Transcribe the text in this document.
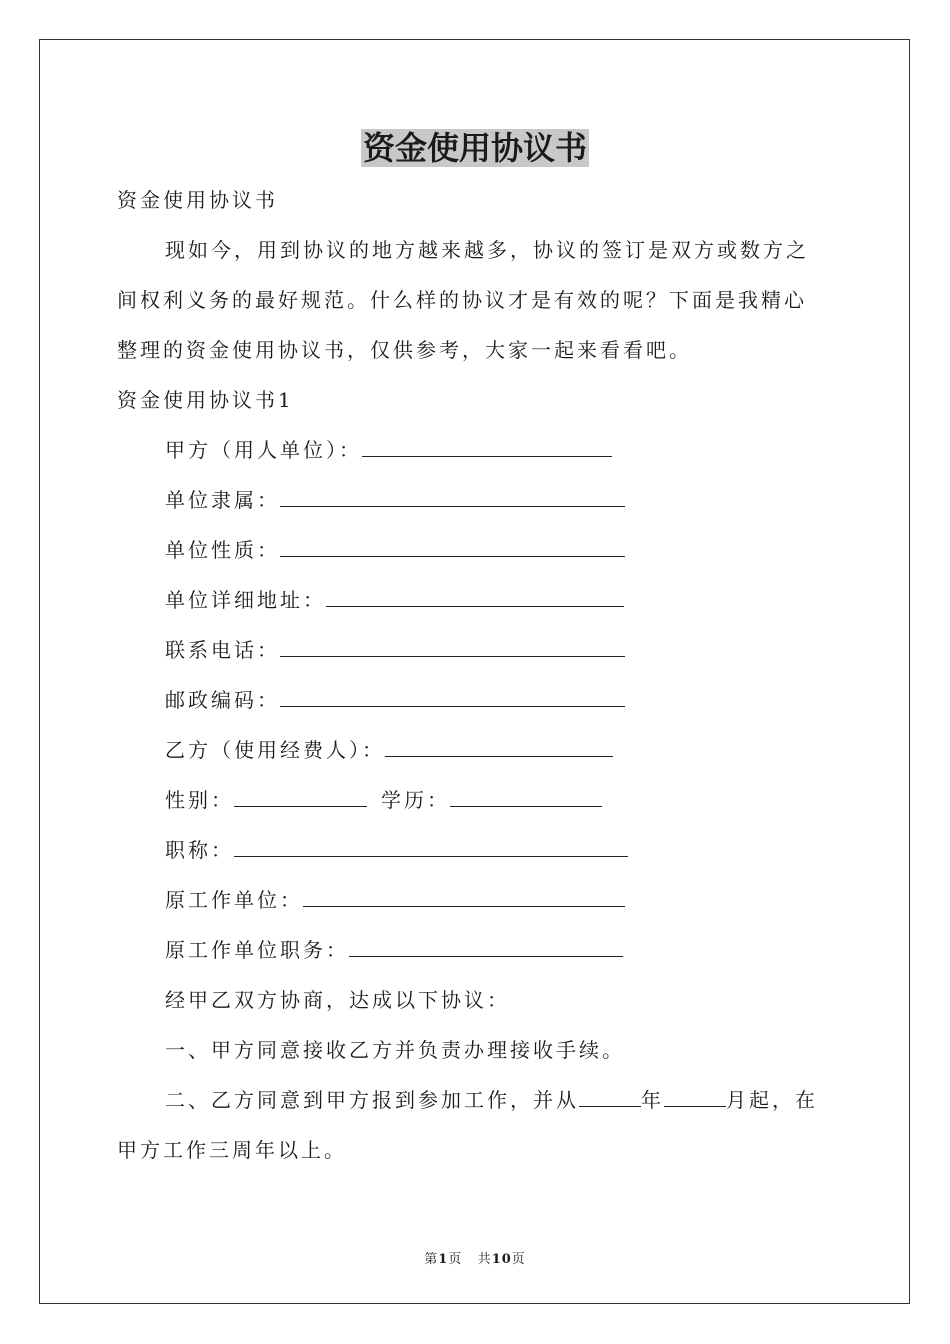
资金使用协议书
资金使用协议书
现如今，用到协议的地方越来越多，协议的签订是双方或数方之
间权利义务的最好规范。什么样的协议才是有效的呢？下面是我精心
整理的资金使用协议书，仅供参考，大家一起来看看吧。
资金使用协议书1
甲方（用人单位）：
单位隶属：
单位性质：
单位详细地址：
联系电话：
邮政编码：
乙方（使用经费人）：
性别：	学历：
职称：
原工作单位：
原工作单位职务：
经甲乙双方协商，达成以下协议：
一、甲方同意接收乙方并负责办理接收手续。
二、乙方同意到甲方报到参加工作，并从	年	月起，在
甲方工作三周年以上。
第1页 共10页
